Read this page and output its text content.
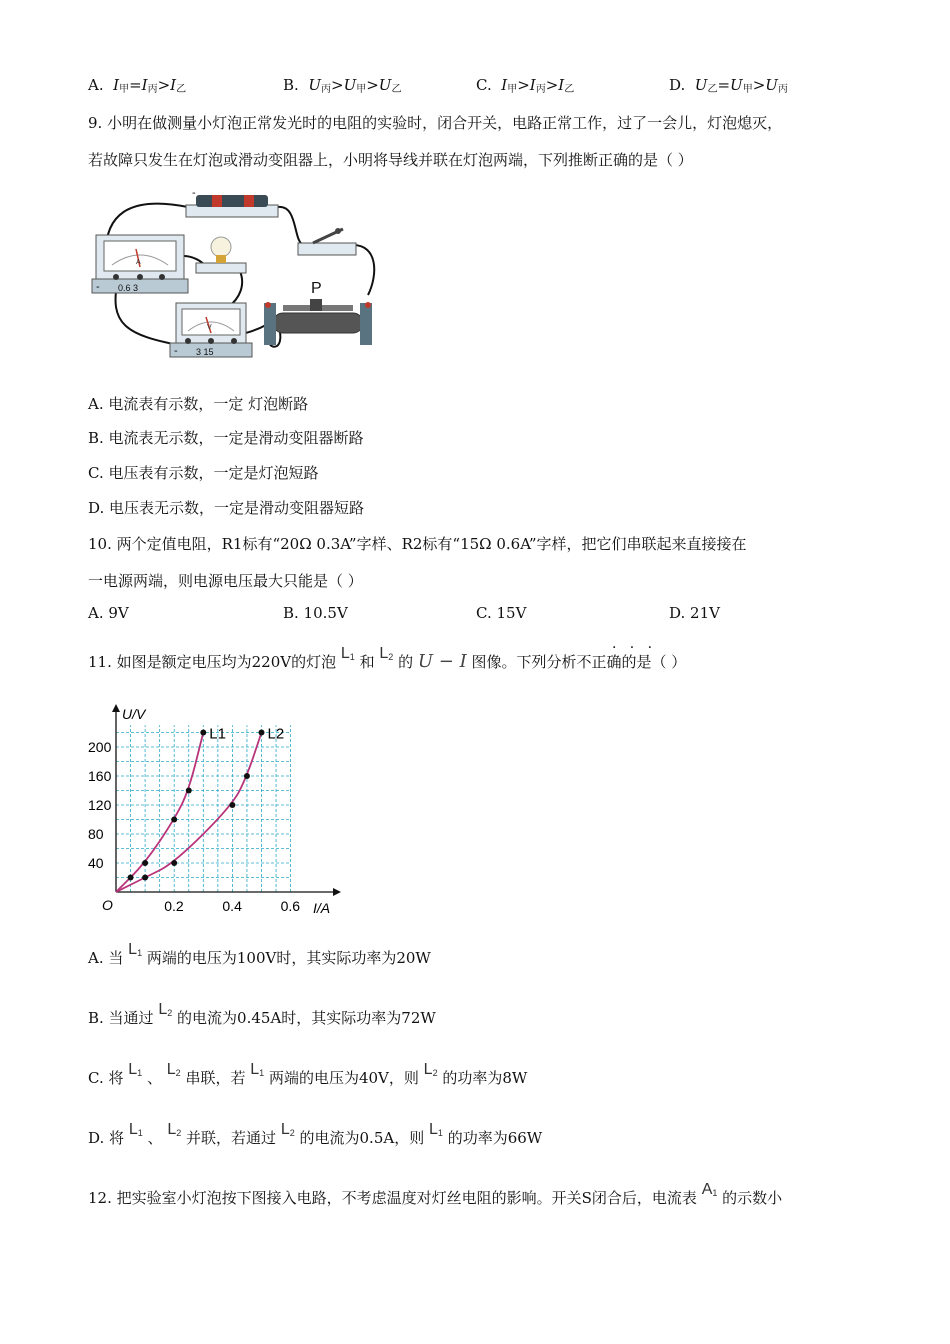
A.  $I_甲=I_丙>I_乙$	B.  $U_丙>U_甲>U_乙$	C.  $I_甲>I_丙>I_乙$	D.  $U_乙=U_甲>U_丙$
9. 小明在做测量小灯泡正常发光时的电阻的实验时，闭合开关，电路正常工作，过了一会儿，灯泡熄灭，
若故障只发生在灯泡或滑动变阻器上，小明将导线并联在灯泡两端，下列推断正确的是（ ）
-
A
- 0.6 3	P
V
- 3 15
A. 电流表有示数，一定 灯泡断路
B. 电流表无示数，一定是滑动变阻器断路
C. 电压表有示数，一定是灯泡短路
D. 电压表无示数，一定是滑动变阻器短路
10. 两个定值电阻，R1标有“20Ω 0.3A”字样、R2标有“15Ω 0.6A”字样，把它们串联起来直接接在
一电源两端，则电源电压最大只能是（ ）
A. 9V	B. 10.5V	C. 15V	D. 21V
11. 如图是额定电压均为220V的灯泡 $L_1$ 和 $L_2$ 的 U − I 图像。下列分析不正确的是（ ）
·   ·   ·
0.2	0.4	0.6
40
80
120
160
200
L1	L2
U/V
I/A
O
A. 当 $L_1$ 两端的电压为100V时，其实际功率为20W
B. 当通过 $L_2$ 的电流为0.45A时，其实际功率为72W
C. 将 $L_1$ 、 $L_2$ 串联，若 $L_1$ 两端的电压为40V，则 $L_2$ 的功率为8W
D. 将 $L_1$ 、 $L_2$ 并联，若通过 $L_2$ 的电流为0.5A，则 $L_1$ 的功率为66W
12. 把实验室小灯泡按下图接入电路，不考虑温度对灯丝电阻的影响。开关S闭合后，电流表 $A_1$ 的示数小
